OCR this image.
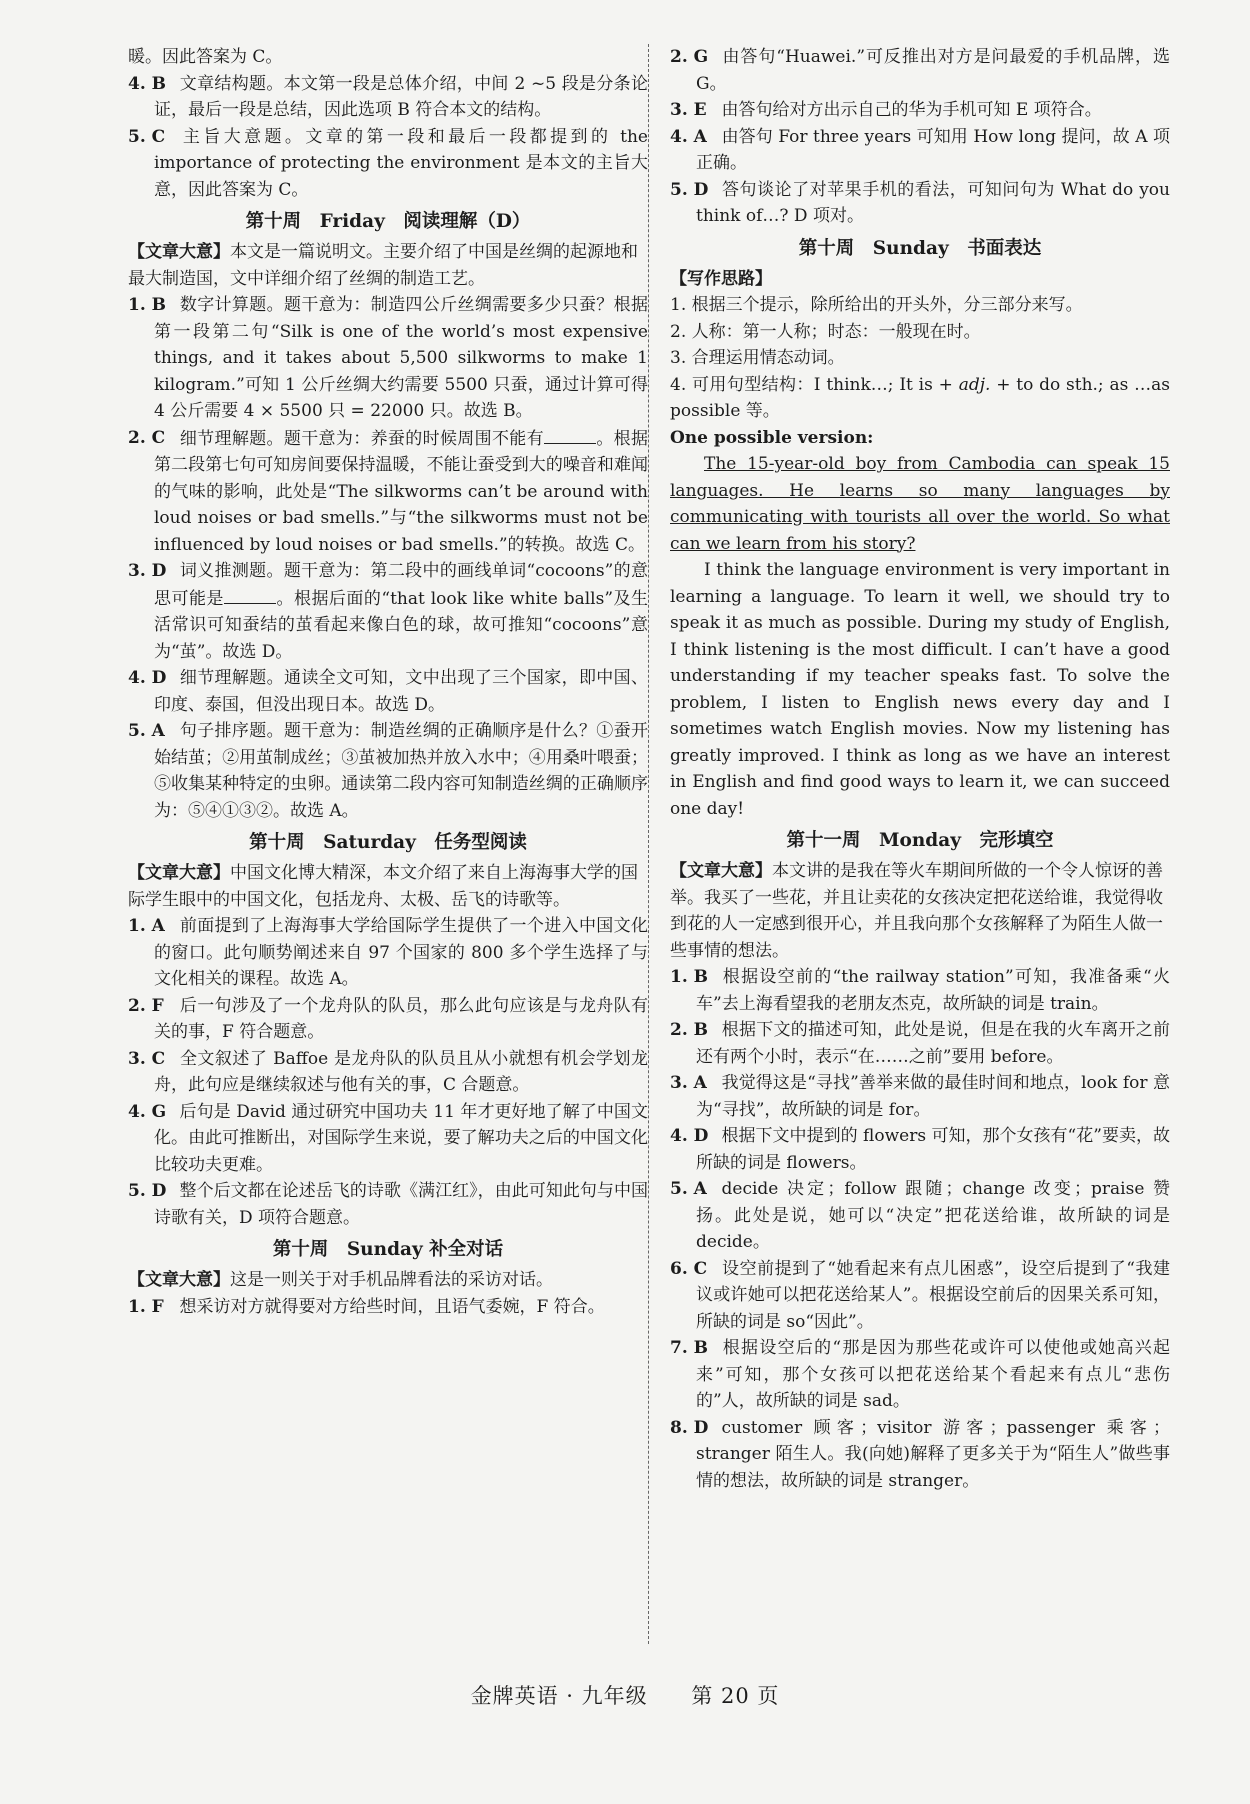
暖。因此答案为 C。

4. B
   文章结构题。本文第一段是总体介绍，中间 2 ~5 段是分条论证，最后一段是总结，因此选项 B 符合本文的结构。

5. C
   主旨大意题。文章的第一段和最后一段都提到的 the importance of protecting the environment 是本文的主旨大意，因此答案为 C。

第十周　Friday　阅读理解（D）

【文章大意】本文是一篇说明文。主要介绍了中国是丝绸的起源地和最大制造国，文中详细介绍了丝绸的制造工艺。

1. B
   数字计算题。题干意为：制造四公斤丝绸需要多少只蚕？根据第一段第二句“Silk is one of the world’s most expensive things, and it takes about 5,500 silkworms to make 1 kilogram.”可知 1 公斤丝绸大约需要 5500 只蚕，通过计算可得 4 公斤需要 4 × 5500 只 = 22000 只。故选 B。

2. C
   细节理解题。题干意为：养蚕的时候周围不能有	。根据第二段第七句可知房间要保持温暖，不能让蚕受到大的噪音和难闻的气味的影响，此处是“The silkworms can’t be around with loud noises or bad smells.”与“the silkworms must not be influenced by loud noises or bad smells.”的转换。故选 C。

3. D
   词义推测题。题干意为：第二段中的画线单词“cocoons”的意思可能是	。根据后面的“that look like white balls”及生活常识可知蚕结的茧看起来像白色的球，故可推知“cocoons”意为“茧”。故选 D。

4. D
   细节理解题。通读全文可知，文中出现了三个国家，即中国、印度、泰国，但没出现日本。故选 D。

5. A
   句子排序题。题干意为：制造丝绸的正确顺序是什么？①蚕开始结茧；②用茧制成丝；③茧被加热并放入水中；④用桑叶喂蚕；⑤收集某种特定的虫卵。通读第二段内容可知制造丝绸的正确顺序为：⑤④①③②。故选 A。

第十周　Saturday　任务型阅读

【文章大意】中国文化博大精深，本文介绍了来自上海海事大学的国际学生眼中的中国文化，包括龙舟、太极、岳飞的诗歌等。

1. A
   前面提到了上海海事大学给国际学生提供了一个进入中国文化的窗口。此句顺势阐述来自 97 个国家的 800 多个学生选择了与文化相关的课程。故选 A。

2. F
   后一句涉及了一个龙舟队的队员，那么此句应该是与龙舟队有关的事，F 符合题意。

3. C
   全文叙述了 Baffoe 是龙舟队的队员且从小就想有机会学划龙舟，此句应是继续叙述与他有关的事，C 合题意。

4. G
   后句是 David 通过研究中国功夫 11 年才更好地了解了中国文化。由此可推断出，对国际学生来说，要了解功夫之后的中国文化比较功夫更难。

5. D
   整个后文都在论述岳飞的诗歌《满江红》，由此可知此句与中国诗歌有关，D 项符合题意。

第十周　Sunday 补全对话

【文章大意】这是一则关于对手机品牌看法的采访对话。

1. F
   想采访对方就得要对方给些时间，且语气委婉，F 符合。

2. G
   由答句“Huawei.”可反推出对方是问最爱的手机品牌，选 G。

3. E
   由答句给对方出示自己的华为手机可知 E 项符合。

4. A
   由答句 For three years 可知用 How long 提问，故 A 项正确。

5. D
   答句谈论了对苹果手机的看法，可知问句为 What do you think of…? D 项对。

第十周　Sunday　书面表达

【写作思路】

1. 根据三个提示，除所给出的开头外，分三部分来写。

2. 人称：第一人称；时态：一般现在时。

3. 合理运用情态动词。

4. 可用句型结构：I think…; It is + adj. + to do sth.; as …as possible 等。

One possible version:

The 15-year-old boy from Cambodia can speak 15 languages. He learns so many languages by communicating with tourists all over the world. So what can we learn from his story?

I think the language environment is very important in learning a language. To learn it well, we should try to speak it as much as possible. During my study of English, I think listening is the most difficult. I can’t have a good understanding if my teacher speaks fast. To solve the problem, I listen to English news every day and I sometimes watch English movies. Now my listening has greatly improved. I think as long as we have an interest in English and find good ways to learn it, we can succeed one day!

第十一周　Monday　完形填空

【文章大意】本文讲的是我在等火车期间所做的一个令人惊讶的善举。我买了一些花，并且让卖花的女孩决定把花送给谁，我觉得收到花的人一定感到很开心，并且我向那个女孩解释了为陌生人做一些事情的想法。

1. B
   根据设空前的“the railway station”可知，我准备乘“火车”去上海看望我的老朋友杰克，故所缺的词是 train。

2. B
   根据下文的描述可知，此处是说，但是在我的火车离开之前还有两个小时，表示“在……之前”要用 before。

3. A
   我觉得这是“寻找”善举来做的最佳时间和地点，look for 意为“寻找”，故所缺的词是 for。

4. D
   根据下文中提到的 flowers 可知，那个女孩有“花”要卖，故所缺的词是 flowers。

5. A
   decide 决定；follow 跟随；change 改变；praise 赞扬。此处是说，她可以“决定”把花送给谁，故所缺的词是 decide。

6. C
   设空前提到了“她看起来有点儿困惑”，设空后提到了“我建议或许她可以把花送给某人”。根据设空前后的因果关系可知，所缺的词是 so“因此”。

7. B
   根据设空后的“那是因为那些花或许可以使他或她高兴起来”可知，那个女孩可以把花送给某个看起来有点儿“悲伤的”人，故所缺的词是 sad。

8. D
   customer 顾客；visitor 游客；passenger 乘客；stranger 陌生人。我(向她)解释了更多关于为“陌生人”做些事情的想法，故所缺的词是 stranger。

金牌英语 · 九年级 第 20 页
